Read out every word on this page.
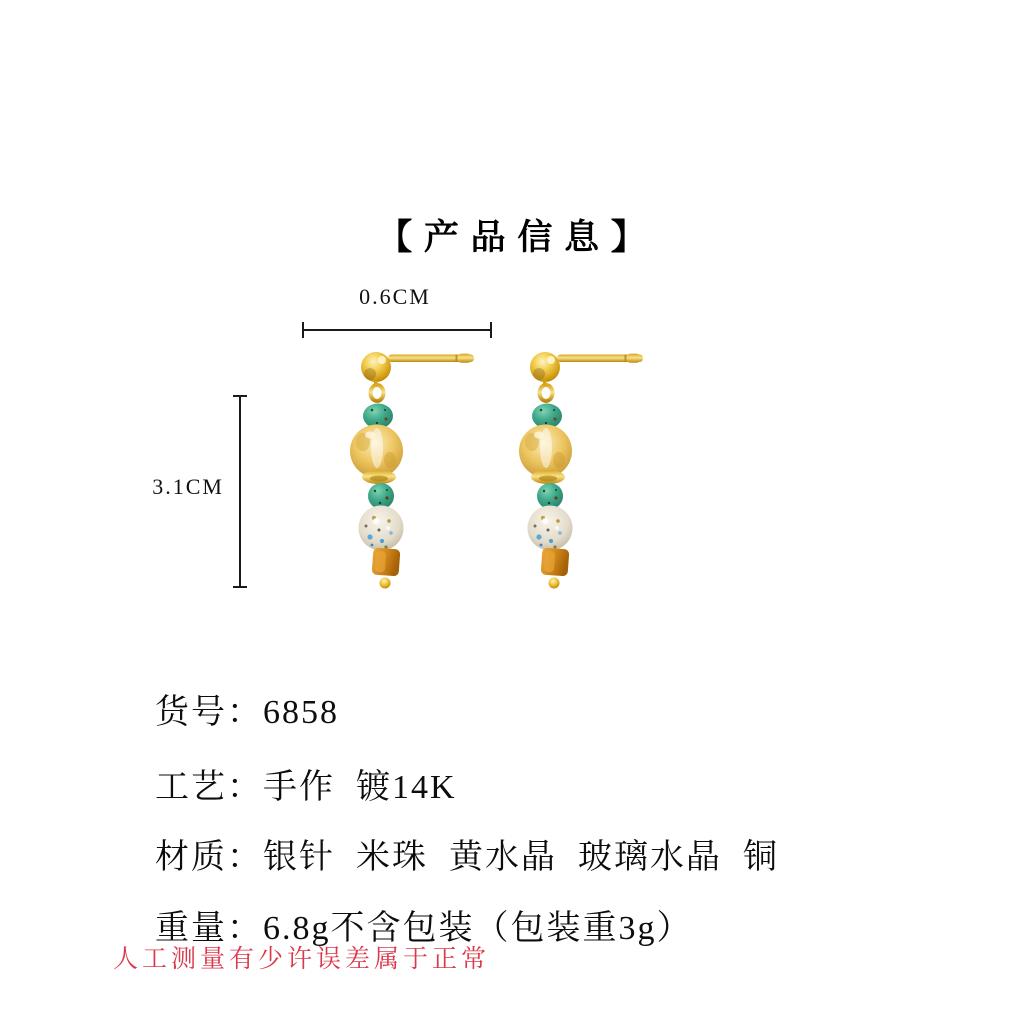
【 产 品 信 息 】
0.6CM
3.1CM

货号：6858

工艺：手作  镀14K

材质：银针  米珠  黄水晶  玻璃水晶  铜

重量：6.8g不含包装（包装重3g）

人工测量有少许误差属于正常
